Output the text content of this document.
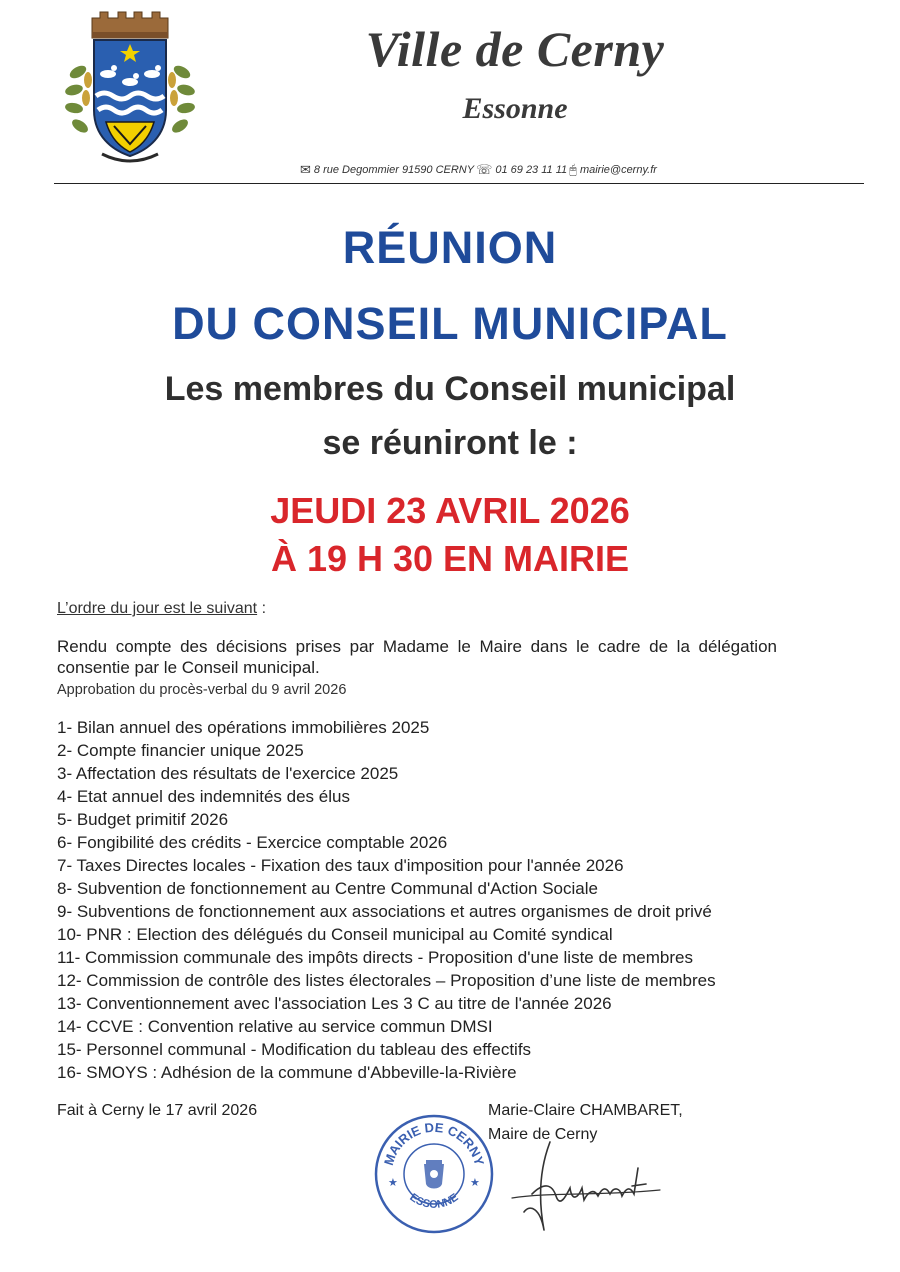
Ville de Cerny
Essonne
✉ 8 rue Degommier 91590 CERNY ☏ 01 69 23 11 11 🖰 mairie@cerny.fr
RÉUNION
DU CONSEIL MUNICIPAL
Les membres du Conseil municipal
se réuniront le :
JEUDI 23 AVRIL 2026
À 19 H 30 EN MAIRIE
L’ordre du jour est le suivant :
Rendu compte des décisions prises par Madame le Maire dans le cadre de la délégation consentie par le Conseil municipal.
Approbation du procès-verbal du 9 avril 2026
1- Bilan annuel des opérations immobilières 2025
2- Compte financier unique 2025
3- Affectation des résultats de l'exercice 2025
4- Etat annuel des indemnités des élus
5- Budget primitif 2026
6- Fongibilité des crédits - Exercice comptable 2026
7- Taxes Directes locales - Fixation des taux d'imposition pour l'année 2026
8- Subvention de fonctionnement au Centre Communal d'Action Sociale
9- Subventions de fonctionnement aux associations et autres organismes de droit privé
10- PNR : Election des délégués du Conseil municipal au Comité syndical
11- Commission communale des impôts directs - Proposition d'une liste de membres
12- Commission de contrôle des listes électorales – Proposition d’une liste de membres
13- Conventionnement avec l'association Les 3 C au titre de l'année 2026
14- CCVE : Convention relative au service commun DMSI
15- Personnel communal - Modification du tableau des effectifs
16- SMOYS : Adhésion de la commune d'Abbeville-la-Rivière
Fait à Cerny le 17 avril 2026
MAIRIE DE CERNY
ESSONNE
★	★
Marie-Claire CHAMBARET,
Maire de Cerny
